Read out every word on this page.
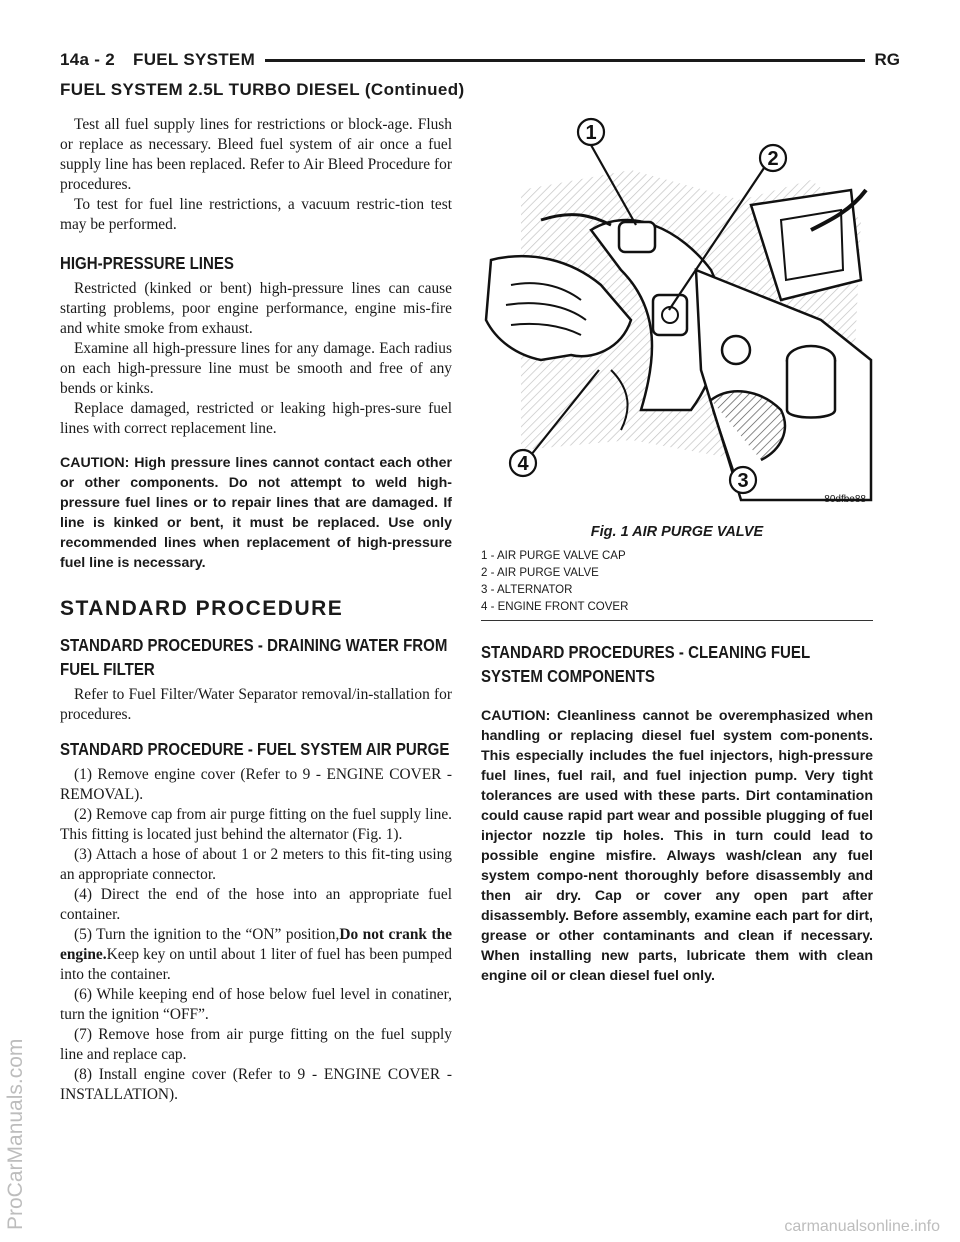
14a - 2 FUEL SYSTEM	RG
FUEL SYSTEM 2.5L TURBO DIESEL (Continued)

Test all fuel supply lines for restrictions or block-age. Flush or replace as necessary. Bleed fuel system of air once a fuel supply line has been replaced. Refer to Air Bleed Procedure for procedures.

To test for fuel line restrictions, a vacuum restric-tion test may be performed.

HIGH-PRESSURE LINES

Restricted (kinked or bent) high-pressure lines can cause starting problems, poor engine performance, engine mis-fire and white smoke from exhaust.

Examine all high-pressure lines for any damage. Each radius on each high-pressure line must be smooth and free of any bends or kinks.

Replace damaged, restricted or leaking high-pres-sure fuel lines with correct replacement line.

CAUTION: High pressure lines cannot contact each other or other components. Do not attempt to weld high-pressure fuel lines or to repair lines that are damaged. If line is kinked or bent, it must be replaced. Use only recommended lines when replacement of high-pressure fuel line is necessary.

STANDARD PROCEDURE
STANDARD PROCEDURES - DRAINING WATER FROM FUEL FILTER

Refer to Fuel Filter/Water Separator removal/in-stallation for procedures.

STANDARD PROCEDURE - FUEL SYSTEM AIR PURGE

(1) Remove engine cover (Refer to 9 - ENGINE COVER - REMOVAL).

(2) Remove cap from air purge fitting on the fuel supply line. This fitting is located just behind the alternator (Fig. 1).

(3) Attach a hose of about 1 or 2 meters to this fit-ting using an appropriate connector.

(4) Direct the end of the hose into an appropriate fuel container.

(5) Turn the ignition to the “ON” position,Do not crank the engine.Keep key on until about 1 liter of fuel has been pumped into the container.

(6) While keeping end of hose below fuel level in conatiner, turn the ignition “OFF”.

(7) Remove hose from air purge fitting on the fuel supply line and replace cap.

(8) Install engine cover (Refer to 9 - ENGINE COVER - INSTALLATION).

1
2
3
4
80dfbe88
Fig. 1 AIR PURGE VALVE
1 - AIR PURGE VALVE CAP
2 - AIR PURGE VALVE
3 - ALTERNATOR
4 - ENGINE FRONT COVER
STANDARD PROCEDURES - CLEANING FUEL SYSTEM COMPONENTS

CAUTION: Cleanliness cannot be overemphasized when handling or replacing diesel fuel system com-ponents. This especially includes the fuel injectors, high-pressure fuel lines, fuel rail, and fuel injection pump. Very tight tolerances are used with these parts. Dirt contamination could cause rapid part wear and possible plugging of fuel injector nozzle tip holes. This in turn could lead to possible engine misfire. Always wash/clean any fuel system compo-nent thoroughly before disassembly and then air dry. Cap or cover any open part after disassembly. Before assembly, examine each part for dirt, grease or other contaminants and clean if necessary. When installing new parts, lubricate them with clean engine oil or clean diesel fuel only.

ProCarManuals.com	carmanualsonline.info
